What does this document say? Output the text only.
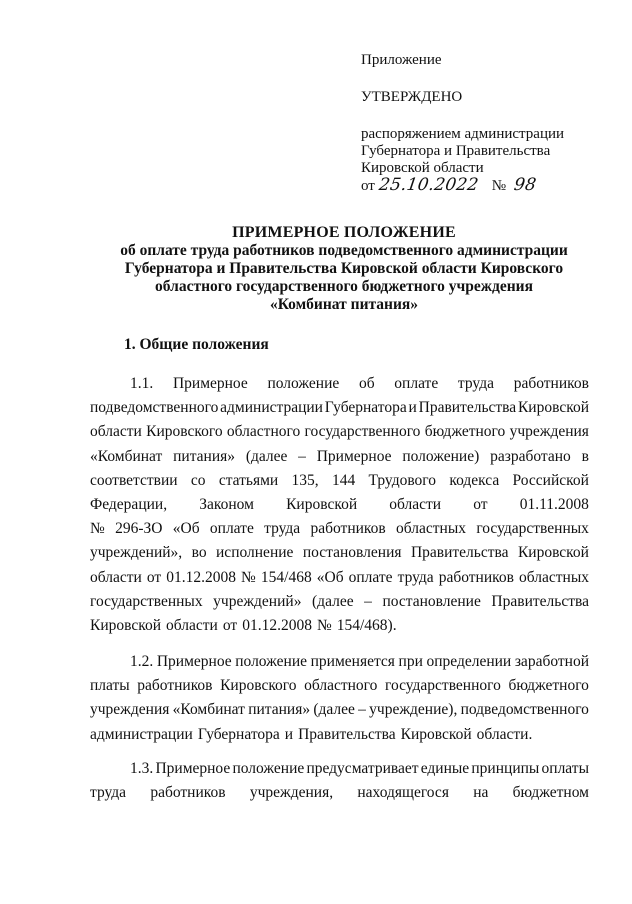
Приложение
УТВЕРЖДЕНО
распоряжением администрации
Губернатора и Правительства
Кировской области
от 25.10.2022 № 98
ПРИМЕРНОЕ ПОЛОЖЕНИЕ
об оплате труда работников подведомственного администрации
Губернатора и Правительства Кировской области Кировского
областного государственного бюджетного учреждения
«Комбинат питания»
1. Общие положения
1.1. Примерное положение об оплате труда работников
подведомственного администрации Губернатора и Правительства Кировской
области Кировского областного государственного бюджетного учреждения
«Комбинат питания» (далее – Примерное положение) разработано в
соответствии со статьями 135, 144 Трудового кодекса Российской
Федерации, Законом Кировской области от 01.11.2008
№ 296-ЗО «Об оплате труда работников областных государственных
учреждений», во исполнение постановления Правительства Кировской
области от 01.12.2008 № 154/468 «Об оплате труда работников областных
государственных учреждений» (далее – постановление Правительства
Кировской области от 01.12.2008 № 154/468).
1.2. Примерное положение применяется при определении заработной
платы работников Кировского областного государственного бюджетного
учреждения «Комбинат питания» (далее – учреждение), подведомственного
администрации Губернатора и Правительства Кировской области.
1.3. Примерное положение предусматривает единые принципы оплаты
труда работников учреждения, находящегося на бюджетном
